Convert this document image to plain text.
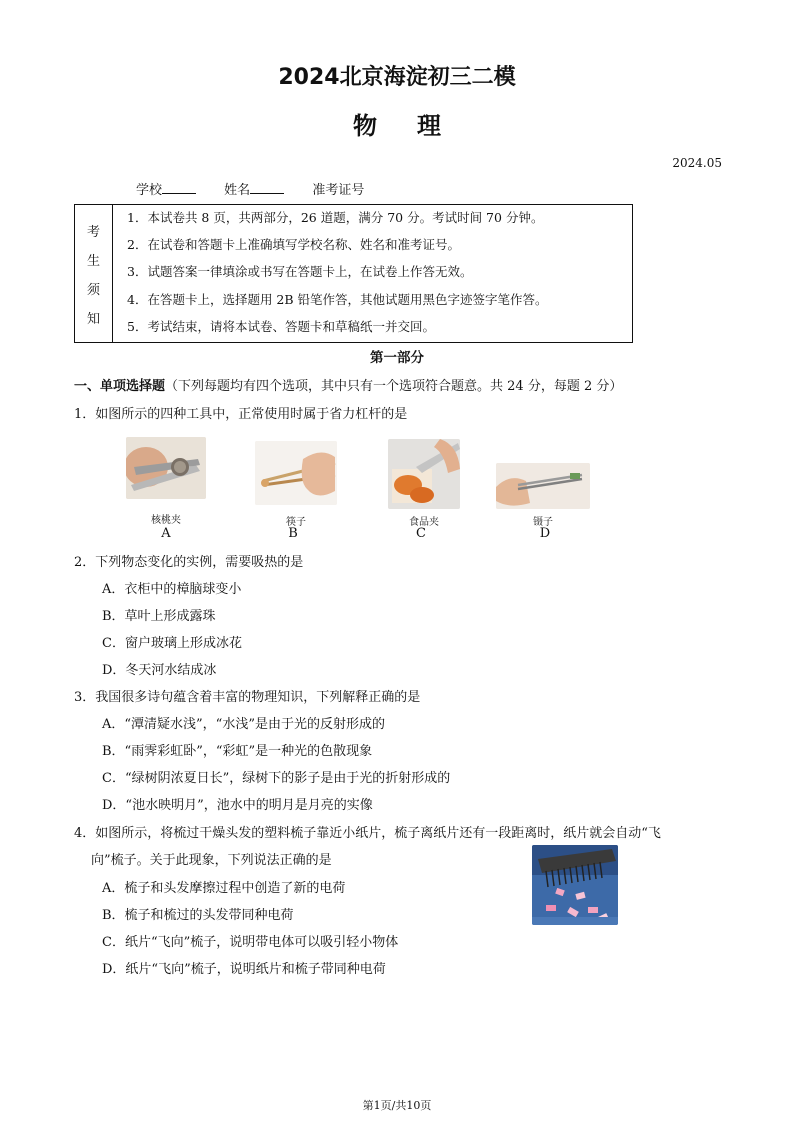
2024北京海淀初三二模
物理
2024.05
学校	姓名	准考证号
考
生
须
知
1．本试卷共 8 页，共两部分，26 道题，满分 70 分。考试时间 70 分钟。
2．在试卷和答题卡上准确填写学校名称、姓名和准考证号。
3．试题答案一律填涂或书写在答题卡上，在试卷上作答无效。
4．在答题卡上，选择题用 2B 铅笔作答，其他试题用黑色字迹签字笔作答。
5．考试结束，请将本试卷、答题卡和草稿纸一并交回。
第一部分
一、单项选择题（下列每题均有四个选项，其中只有一个选项符合题意。共 24 分，每题 2 分）
1．如图所示的四种工具中，正常使用时属于省力杠杆的是
核桃夹	筷子	食品夹	镊子
A	B	C	D
2．下列物态变化的实例，需要吸热的是
A．衣柜中的樟脑球变小
B．草叶上形成露珠
C．窗户玻璃上形成冰花
D．冬天河水结成冰
3．我国很多诗句蕴含着丰富的物理知识，下列解释正确的是
A．“潭清疑水浅”，“水浅”是由于光的反射形成的
B．“雨霁彩虹卧”，“彩虹”是一种光的色散现象
C．“绿树阴浓夏日长”，绿树下的影子是由于光的折射形成的
D．“池水映明月”，池水中的明月是月亮的实像
4．如图所示，将梳过干燥头发的塑料梳子靠近小纸片，梳子离纸片还有一段距离时，纸片就会自动“飞
向”梳子。关于此现象，下列说法正确的是
A．梳子和头发摩擦过程中创造了新的电荷
B．梳子和梳过的头发带同种电荷
C．纸片“飞向”梳子，说明带电体可以吸引轻小物体
D．纸片“飞向”梳子，说明纸片和梳子带同种电荷
第1页/共10页
